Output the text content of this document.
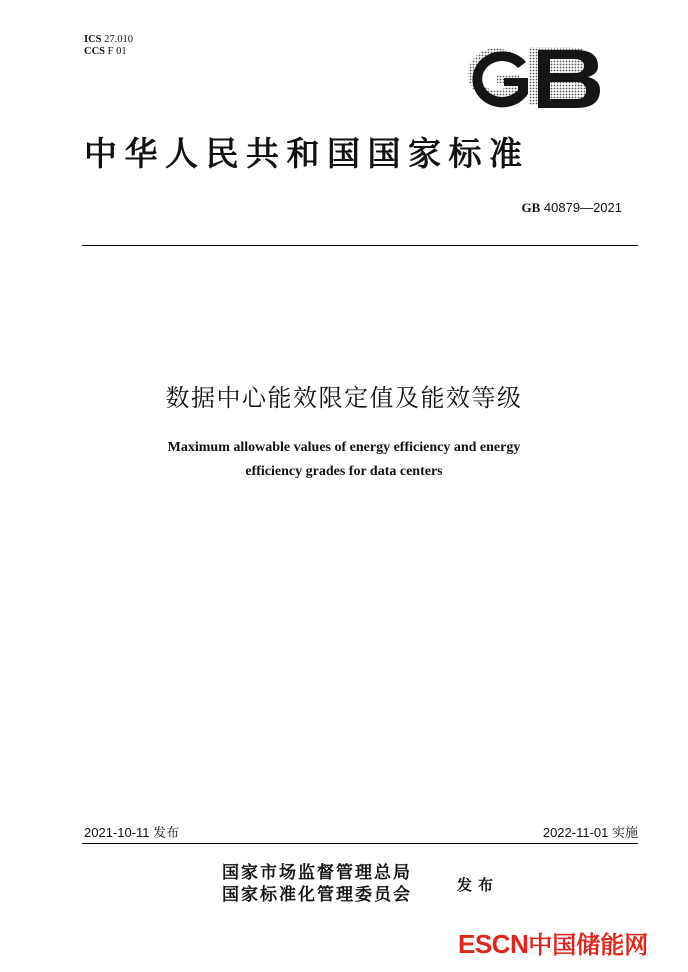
ICS 27.010
CCS F 01
中华人民共和国国家标准
GB 40879—2021
数据中心能效限定值及能效等级
Maximum allowable values of energy efficiency and energy
efficiency grades for data centers
2021-10-11 发布	2022-11-01 实施
国家市场监督管理总局
国家标准化管理委员会	发布
ESCN中国储能网
